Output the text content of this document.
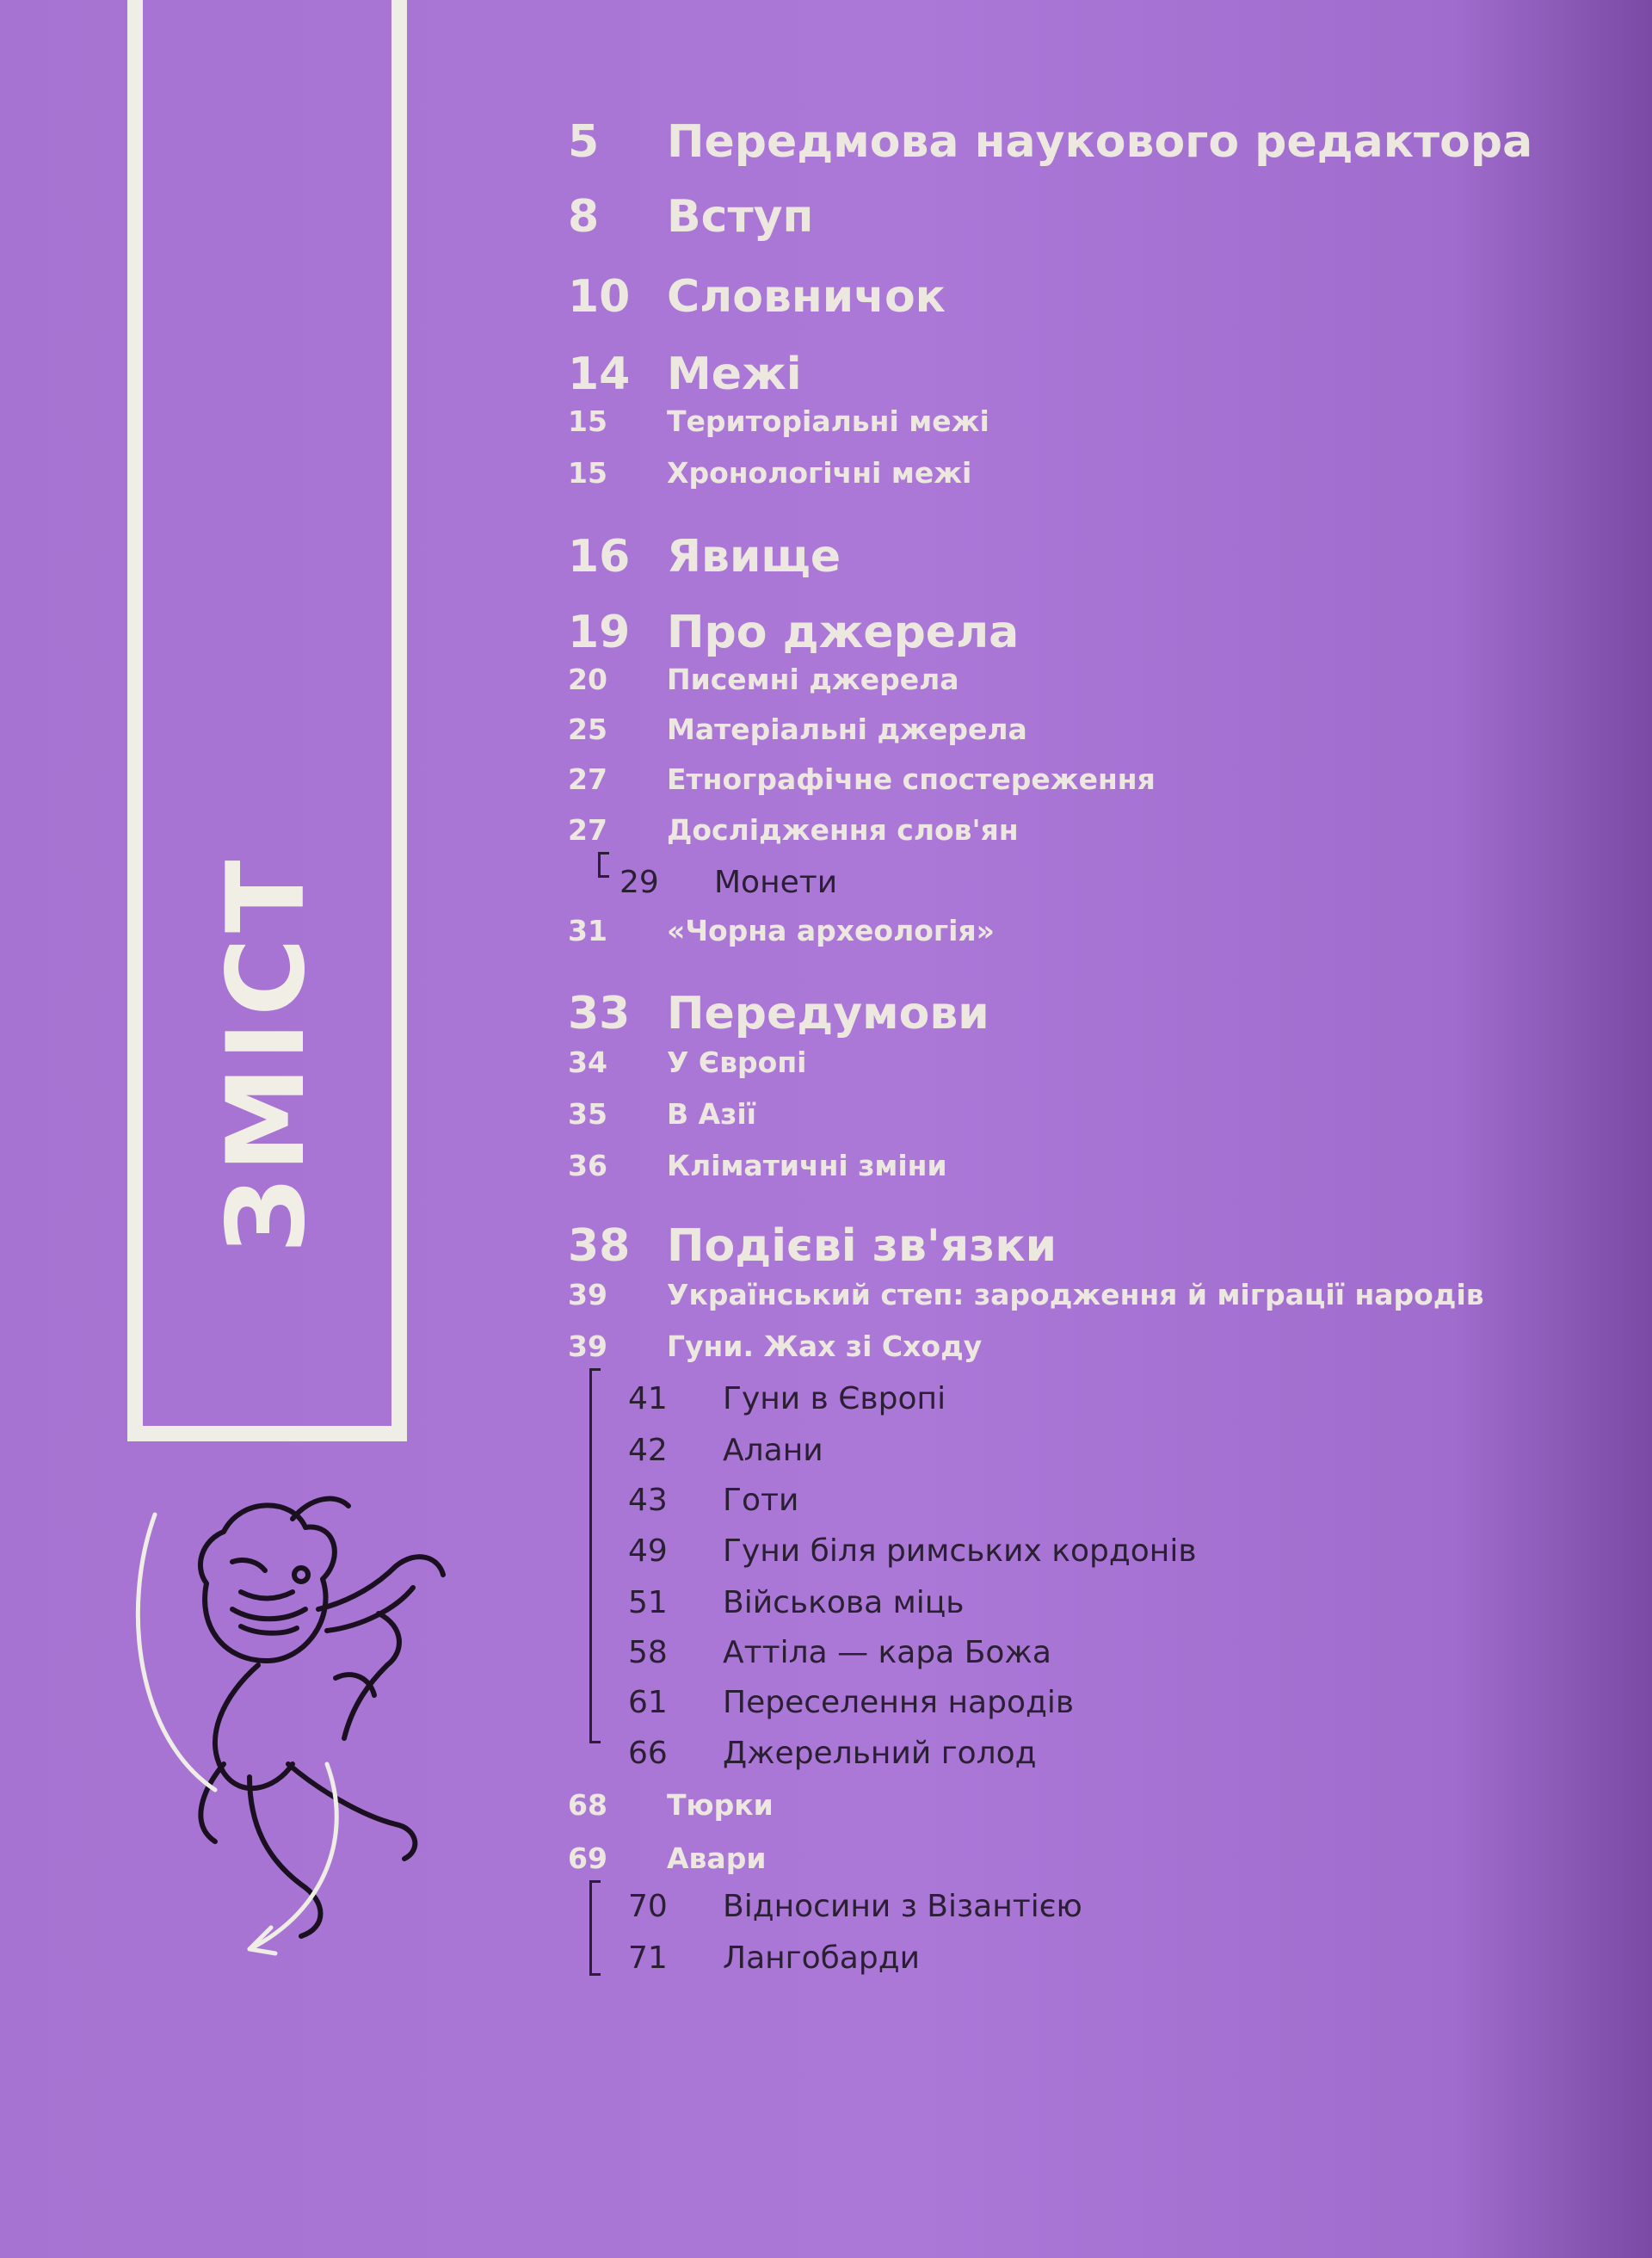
ЗМІСТ
5 Передмова наукового редактора
8 Вступ
10 Словничок
14 Межі
15 Територіальні межі
15 Хронологічні межі
16 Явище
19 Про джерела
20 Писемні джерела
25 Матеріальні джерела
27 Етнографічне спостереження
27 Дослідження слов'ян
29 Монети
31 «Чорна археологія»
33 Передумови
34 У Європі
35 В Азії
36 Кліматичні зміни
38 Подієві зв'язки
39 Український степ: зародження й міграції народів
39 Гуни. Жах зі Сходу
41 Гуни в Європі
42 Алани
43 Готи
49 Гуни біля римських кордонів
51 Військова міць
58 Аттіла — кара Божа
61 Переселення народів
66 Джерельний голод
68 Тюрки
69 Авари
70 Відносини з Візантією
71 Лангобарди
